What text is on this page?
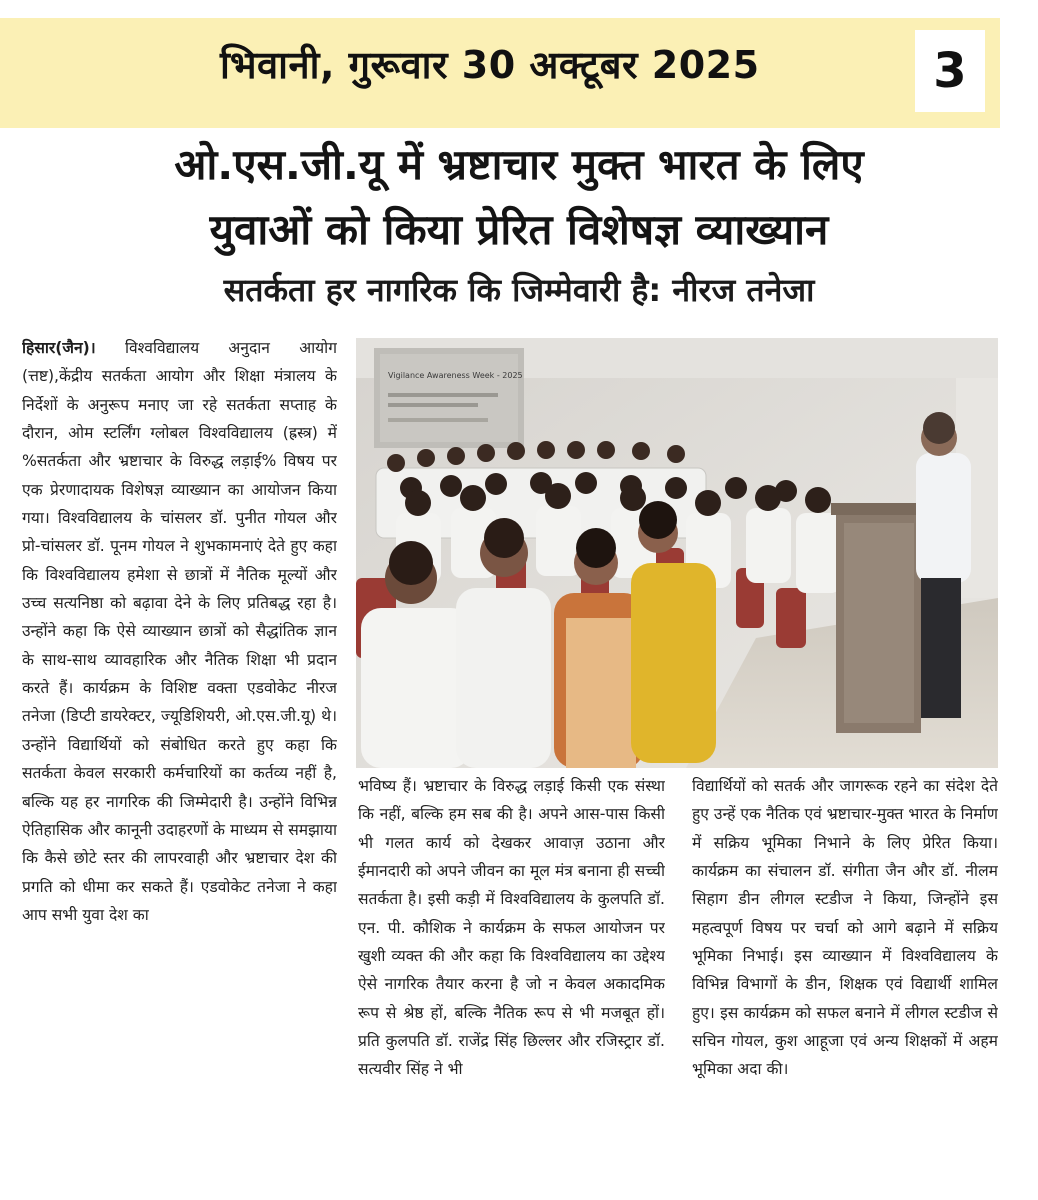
भिवानी, गुरूवार 30 अक्टूबर 2025	3
ओ.एस.जी.यू में भ्रष्टाचार मुक्त भारत के लिए
युवाओं को किया प्रेरित विशेषज्ञ व्याख्यान
सतर्कता हर नागरिक कि जिम्मेवारी है: नीरज तनेजा

हिसार(जैन)। विश्वविद्यालय अनुदान आयोग (त्तष्ट),केंद्रीय सतर्कता आयोग और शिक्षा मंत्रालय के निर्देशों के अनुरूप मनाए जा रहे सतर्कता सप्ताह के दौरान, ओम स्टर्लिंग ग्लोबल विश्वविद्यालय (ह्रस्त्र) में %सतर्कता और भ्रष्टाचार के विरुद्ध लड़ाई% विषय पर एक प्रेरणादायक विशेषज्ञ व्याख्यान का आयोजन किया गया। विश्वविद्यालय के चांसलर डॉ. पुनीत गोयल और प्रो-चांसलर डॉ. पूनम गोयल ने शुभकामनाएं देते हुए कहा कि विश्वविद्यालय हमेशा से छात्रों में नैतिक मूल्यों और उच्च सत्यनिष्ठा को बढ़ावा देने के लिए प्रतिबद्ध रहा है। उन्होंने कहा कि ऐसे व्याख्यान छात्रों को सैद्धांतिक ज्ञान के साथ-साथ व्यावहारिक और नैतिक शिक्षा भी प्रदान करते हैं। कार्यक्रम के विशिष्ट वक्ता एडवोकेट नीरज तनेजा (डिप्टी डायरेक्टर, ज्यूडिशियरी, ओ.एस.जी.यू) थे। उन्होंने विद्यार्थियों को संबोधित करते हुए कहा कि सतर्कता केवल सरकारी कर्मचारियों का कर्तव्य नहीं है, बल्कि यह हर नागरिक की जिम्मेदारी है। उन्होंने विभिन्न ऐतिहासिक और कानूनी उदाहरणों के माध्यम से समझाया कि कैसे छोटे स्तर की लापरवाही और भ्रष्टाचार देश की प्रगति को धीमा कर सकते हैं। एडवोकेट तनेजा ने कहा आप सभी युवा देश का

Vigilance Awareness Week - 2025

भविष्य हैं। भ्रष्टाचार के विरुद्ध लड़ाई किसी एक संस्था कि नहीं, बल्कि हम सब की है। अपने आस-पास किसी भी गलत कार्य को देखकर आवाज़ उठाना और ईमानदारी को अपने जीवन का मूल मंत्र बनाना ही सच्ची सतर्कता है। इसी कड़ी में विश्वविद्यालय के कुलपति डॉ. एन. पी. कौशिक ने कार्यक्रम के सफल आयोजन पर खुशी व्यक्त की और कहा कि विश्वविद्यालय का उद्देश्य ऐसे नागरिक तैयार करना है जो न केवल अकादमिक रूप से श्रेष्ठ हों, बल्कि नैतिक रूप से भी मजबूत हों। प्रति कुलपति डॉ. राजेंद्र सिंह छिल्लर और रजिस्ट्रार डॉ. सत्यवीर सिंह ने भी

विद्यार्थियों को सतर्क और जागरूक रहने का संदेश देते हुए उन्हें एक नैतिक एवं भ्रष्टाचार-मुक्त भारत के निर्माण में सक्रिय भूमिका निभाने के लिए प्रेरित किया। कार्यक्रम का संचालन डॉ. संगीता जैन और डॉ. नीलम सिहाग डीन लीगल स्टडीज ने किया, जिन्होंने इस महत्वपूर्ण विषय पर चर्चा को आगे बढ़ाने में सक्रिय भूमिका निभाई। इस व्याख्यान में विश्वविद्यालय के विभिन्न विभागों के डीन, शिक्षक एवं विद्यार्थी शामिल हुए। इस कार्यक्रम को सफल बनाने में लीगल स्टडीज से सचिन गोयल, कुश आहूजा एवं अन्य शिक्षकों में अहम भूमिका अदा की।
